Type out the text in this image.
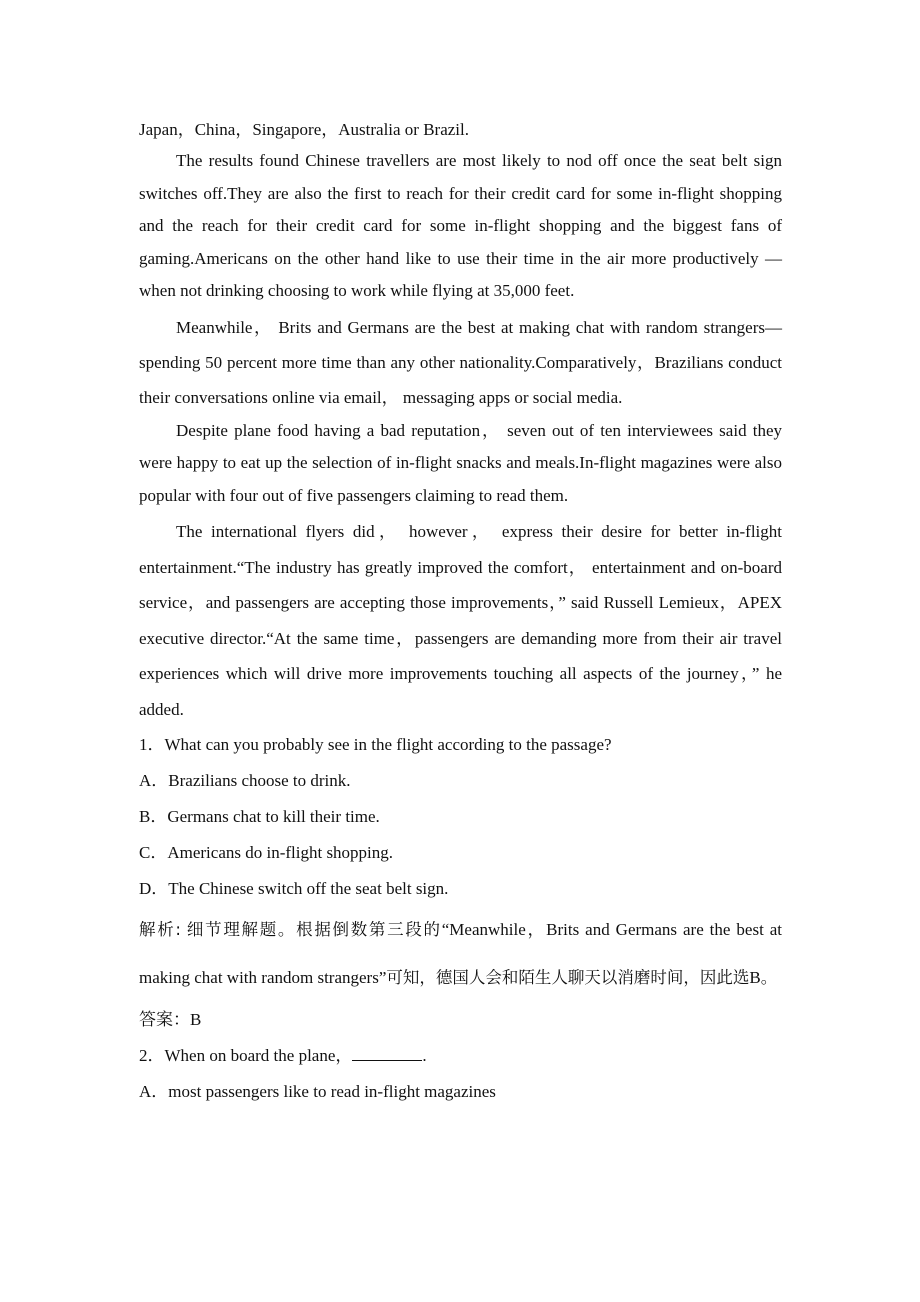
Japan，China，Singapore，Australia or Brazil.

The results found Chinese travellers are most likely to nod off once the seat belt sign switches off.They are also the first to reach for their credit card for some in-flight shopping and the reach for their credit card for some in-flight shopping and the biggest fans of gaming.Americans on the other hand like to use their time in the air more productively — when not drinking choosing to work while flying at 35,000 feet.

Meanwhile， Brits and Germans are the best at making chat with random strangers—spending 50 percent more time than any other nationality.Comparatively，Brazilians conduct their conversations online via email， messaging apps or social media.

Despite plane food having a bad reputation， seven out of ten interviewees said they were happy to eat up the selection of in-flight snacks and meals.In-flight magazines were also popular with four out of five passengers claiming to read them.

The international flyers did， however， express their desire for better in-flight entertainment.“The industry has greatly improved the comfort， entertainment and on-board service，and passengers are accepting those improvements，” said Russell Lemieux，APEX executive director.“At the same time，passengers are demanding more from their air travel experiences which will drive more improvements touching all aspects of the journey，” he added.

1．What can you probably see in the flight according to the passage?

A．Brazilians choose to drink.

B．Germans chat to kill their time.

C．Americans do in-flight shopping.

D．The Chinese switch off the seat belt sign.

解析: 细节理解题。根据倒数第三段的“Meanwhile，Brits and Germans are the best at making chat with random strangers”可知，德国人会和陌生人聊天以消磨时间，因此选B。

答案：B

2．When on board the plane，	.

A．most passengers like to read in-flight magazines
